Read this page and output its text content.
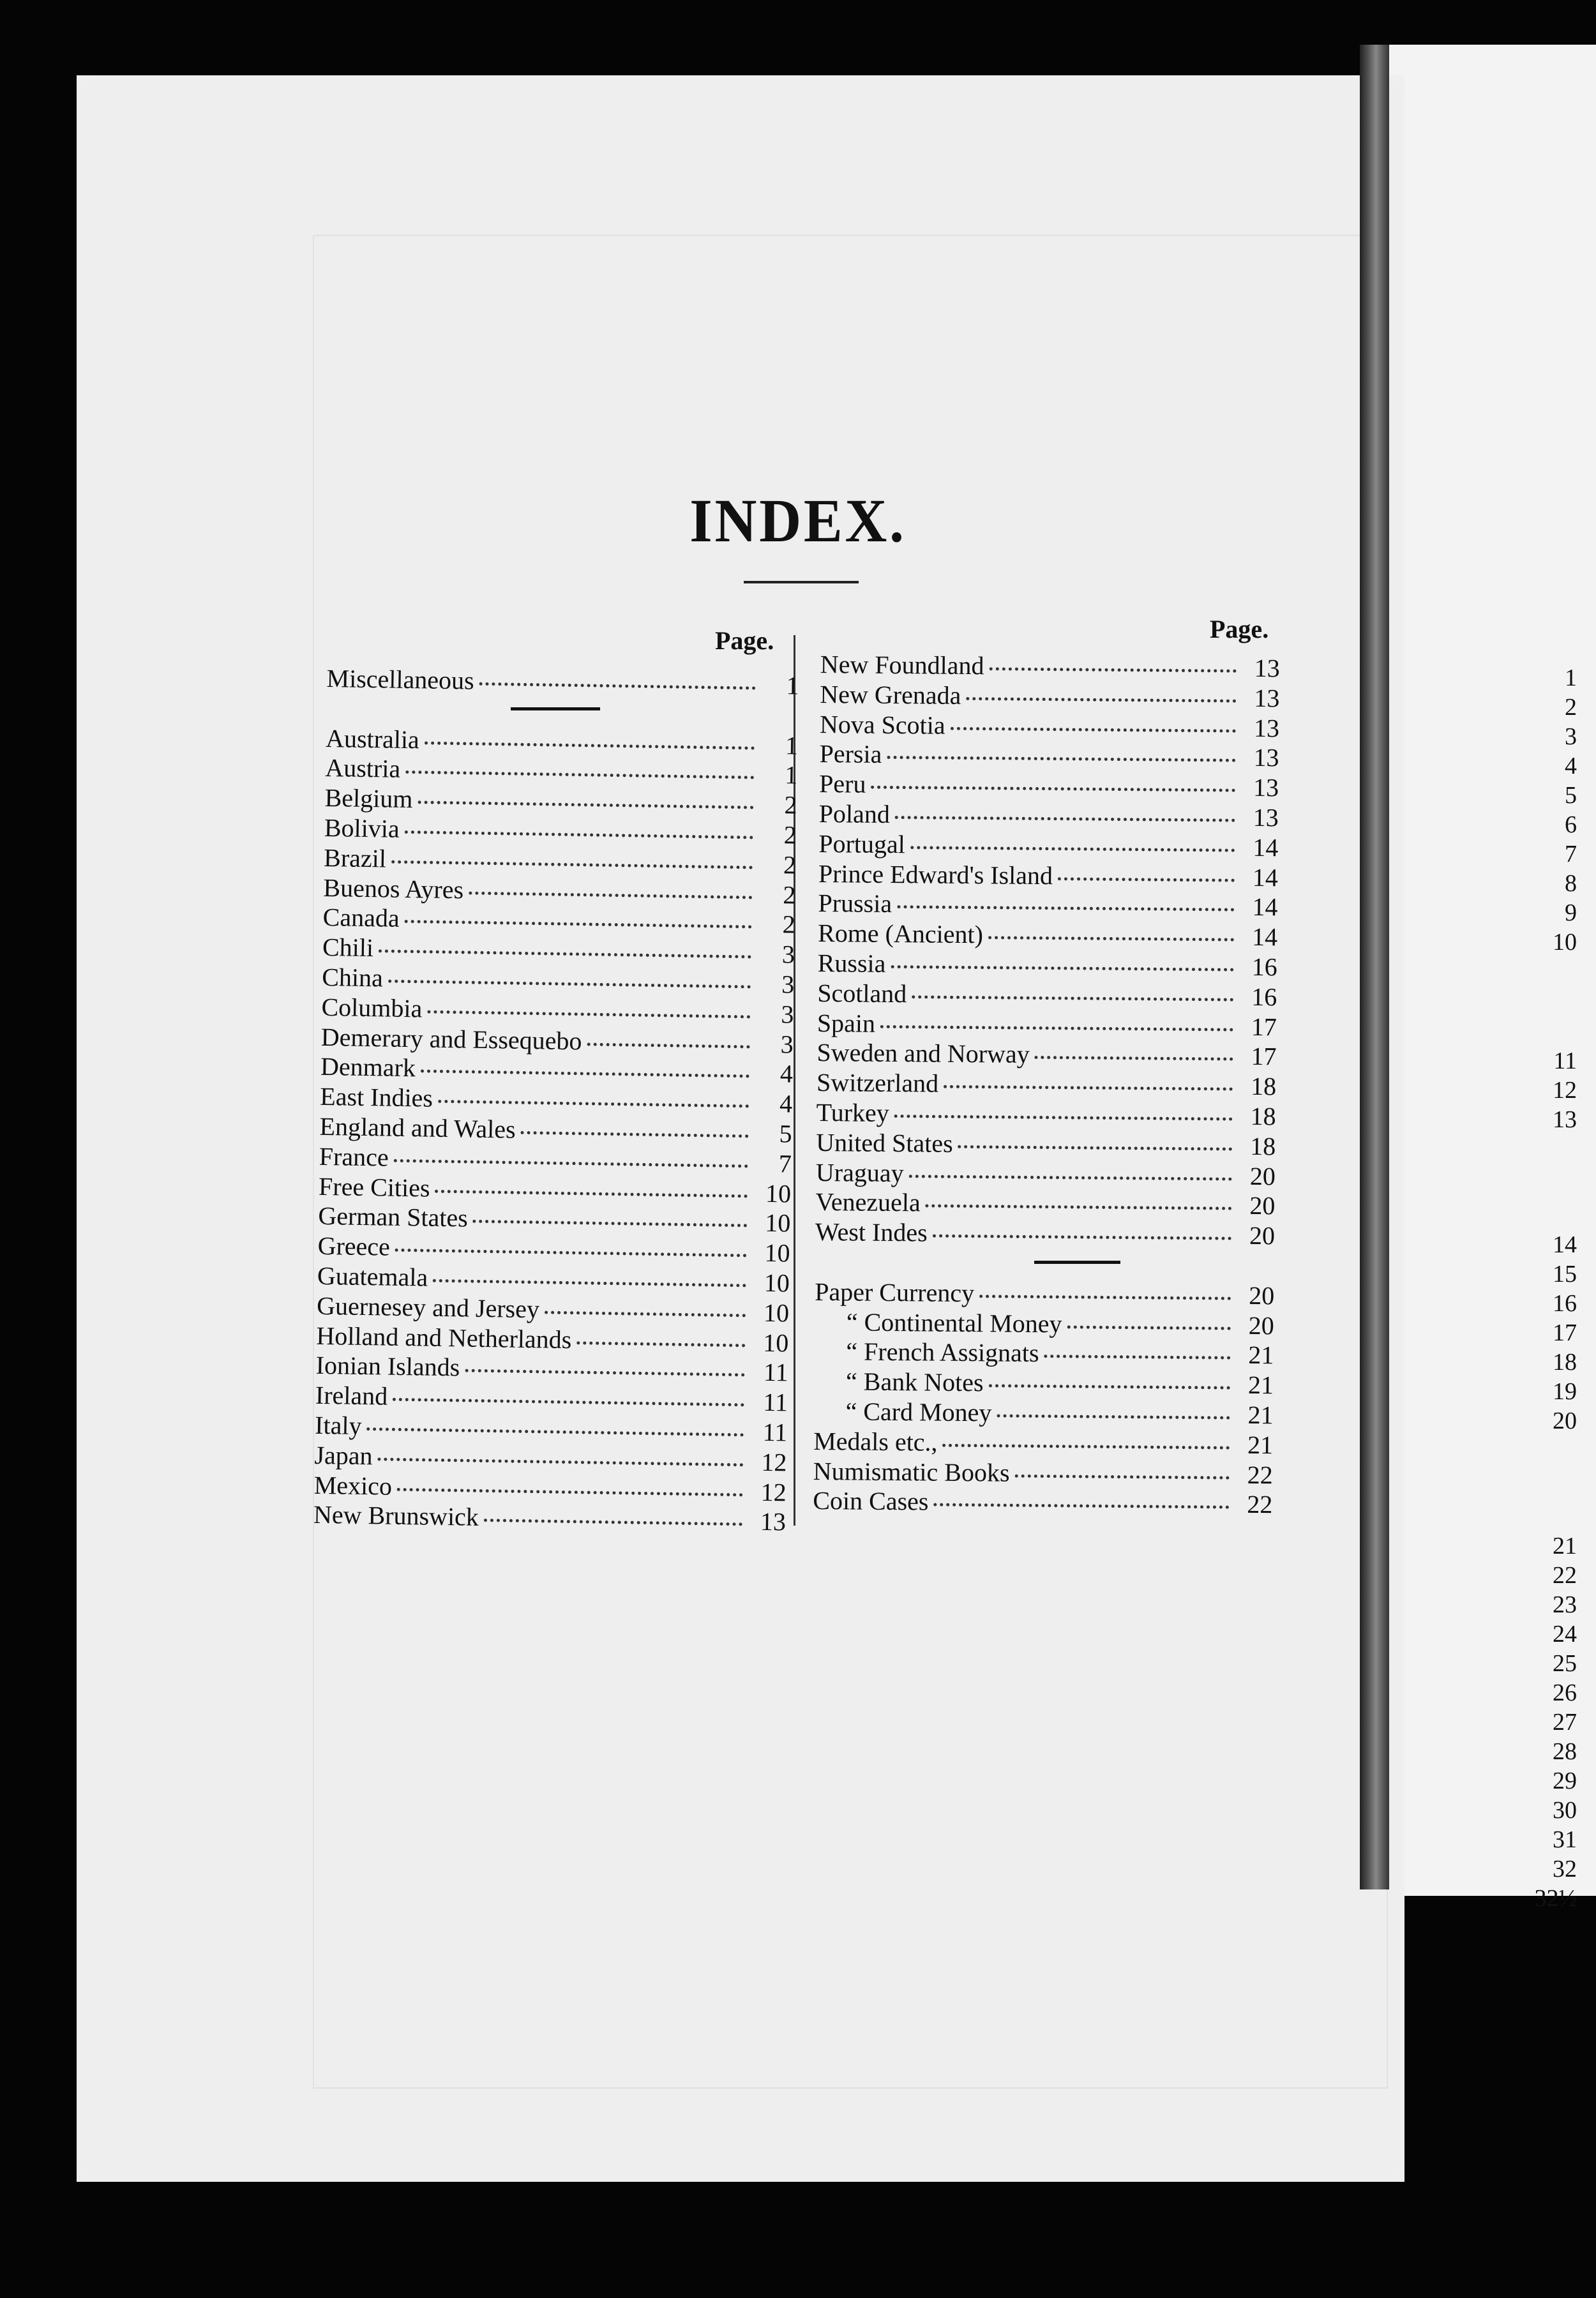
INDEX.
Page.	Page.
Miscellaneous	1
Australia	1
Austria	1
Belgium	2
Bolivia	2
Brazil	2
Buenos Ayres	2
Canada	2
Chili	3
China	3
Columbia	3
Demerary and Essequebo	3
Denmark	4
East Indies	4
England and Wales	5
France	7
Free Cities	10
German States	10
Greece	10
Guatemala	10
Guernesey and Jersey	10
Holland and Netherlands	10
Ionian Islands	11
Ireland	11
Italy	11
Japan	12
Mexico	12
New Brunswick	13
New Foundland	13
New Grenada	13
Nova Scotia	13
Persia	13
Peru	13
Poland	13
Portugal	14
Prince Edward's Island	14
Prussia	14
Rome (Ancient)	14
Russia	16
Scotland	16
Spain	17
Sweden and Norway	17
Switzerland	18
Turkey	18
United States	18
Uraguay	20
Venezuela	20
West Indes	20
Paper Currency	20
“ Continental Money	20
“ French Assignats	21
“ Bank Notes	21
“ Card Money	21
Medals etc.,	21
Numismatic Books	22
Coin Cases	22
1
2
3
4
5
6
7
8
9
10
11
12
13
14
15
16
17
18
19
20
21
22
23
24
25
26
27
28
29
30
31
32
32½
